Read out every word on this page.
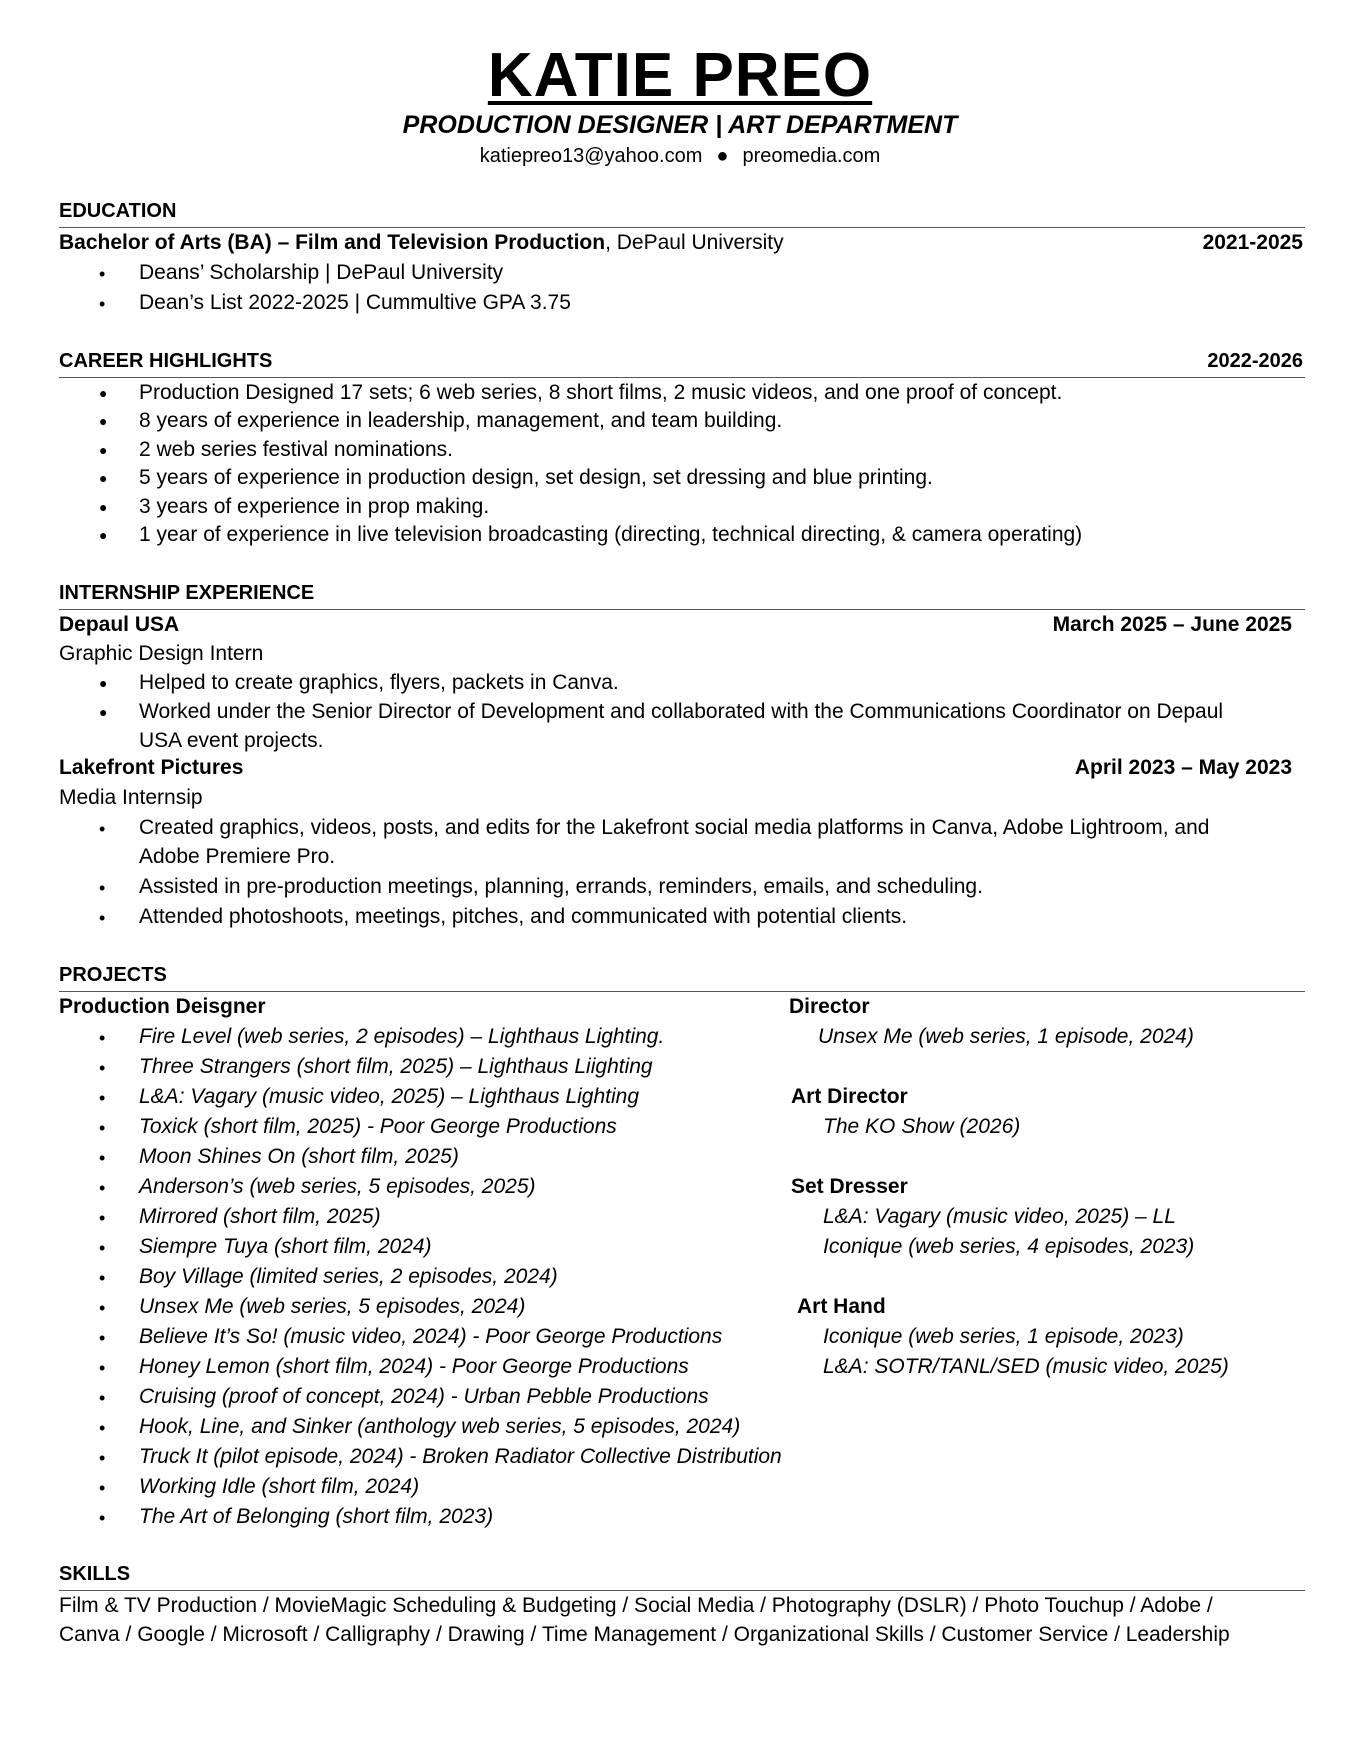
KATIE PREO
PRODUCTION DESIGNER | ART DEPARTMENT
katiepreo13@yahoo.com ● preomedia.com
EDUCATION
Bachelor of Arts (BA) – Film and Television Production, DePaul University	2021-2025
• Deans’ Scholarship | DePaul University
• Dean’s List 2022-2025 | Cummultive GPA 3.75
CAREER HIGHLIGHTS	2022-2026
● Production Designed 17 sets; 6 web series, 8 short films, 2 music videos, and one proof of concept.
● 8 years of experience in leadership, management, and team building.
● 2 web series festival nominations.
● 5 years of experience in production design, set design, set dressing and blue printing.
● 3 years of experience in prop making.
● 1 year of experience in live television broadcasting (directing, technical directing, & camera operating)
INTERNSHIP EXPERIENCE
Depaul USA	March 2025 – June 2025
Graphic Design Intern
● Helped to create graphics, flyers, packets in Canva.
● Worked under the Senior Director of Development and collaborated with the Communications Coordinator on Depaul
USA event projects.
Lakefront Pictures	April 2023 – May 2023
Media Internsip
• Created graphics, videos, posts, and edits for the Lakefront social media platforms in Canva, Adobe Lightroom, and
Adobe Premiere Pro.
• Assisted in pre-production meetings, planning, errands, reminders, emails, and scheduling.
• Attended photoshoots, meetings, pitches, and communicated with potential clients.
PROJECTS
Production Deisgner
• Fire Level (web series, 2 episodes) – Lighthaus Lighting.
• Three Strangers (short film, 2025) – Lighthaus Liighting
• L&A: Vagary (music video, 2025) – Lighthaus Lighting
• Toxick (short film, 2025) - Poor George Productions
• Moon Shines On (short film, 2025)
• Anderson’s (web series, 5 episodes, 2025)
• Mirrored (short film, 2025)
• Siempre Tuya (short film, 2024)
• Boy Village (limited series, 2 episodes, 2024)
• Unsex Me (web series, 5 episodes, 2024)
• Believe It’s So! (music video, 2024) - Poor George Productions
• Honey Lemon (short film, 2024) - Poor George Productions
• Cruising (proof of concept, 2024) - Urban Pebble Productions
• Hook, Line, and Sinker (anthology web series, 5 episodes, 2024)
• Truck It (pilot episode, 2024) - Broken Radiator Collective Distribution
• Working Idle (short film, 2024)
• The Art of Belonging (short film, 2023)
Director
Unsex Me (web series, 1 episode, 2024)
Art Director
The KO Show (2026)
Set Dresser
L&A: Vagary (music video, 2025) – LL
Iconique (web series, 4 episodes, 2023)
Art Hand
Iconique (web series, 1 episode, 2023)
L&A: SOTR/TANL/SED (music video, 2025)
SKILLS
Film & TV Production / MovieMagic Scheduling & Budgeting / Social Media / Photography (DSLR) / Photo Touchup / Adobe /
Canva / Google / Microsoft / Calligraphy / Drawing / Time Management / Organizational Skills / Customer Service / Leadership
